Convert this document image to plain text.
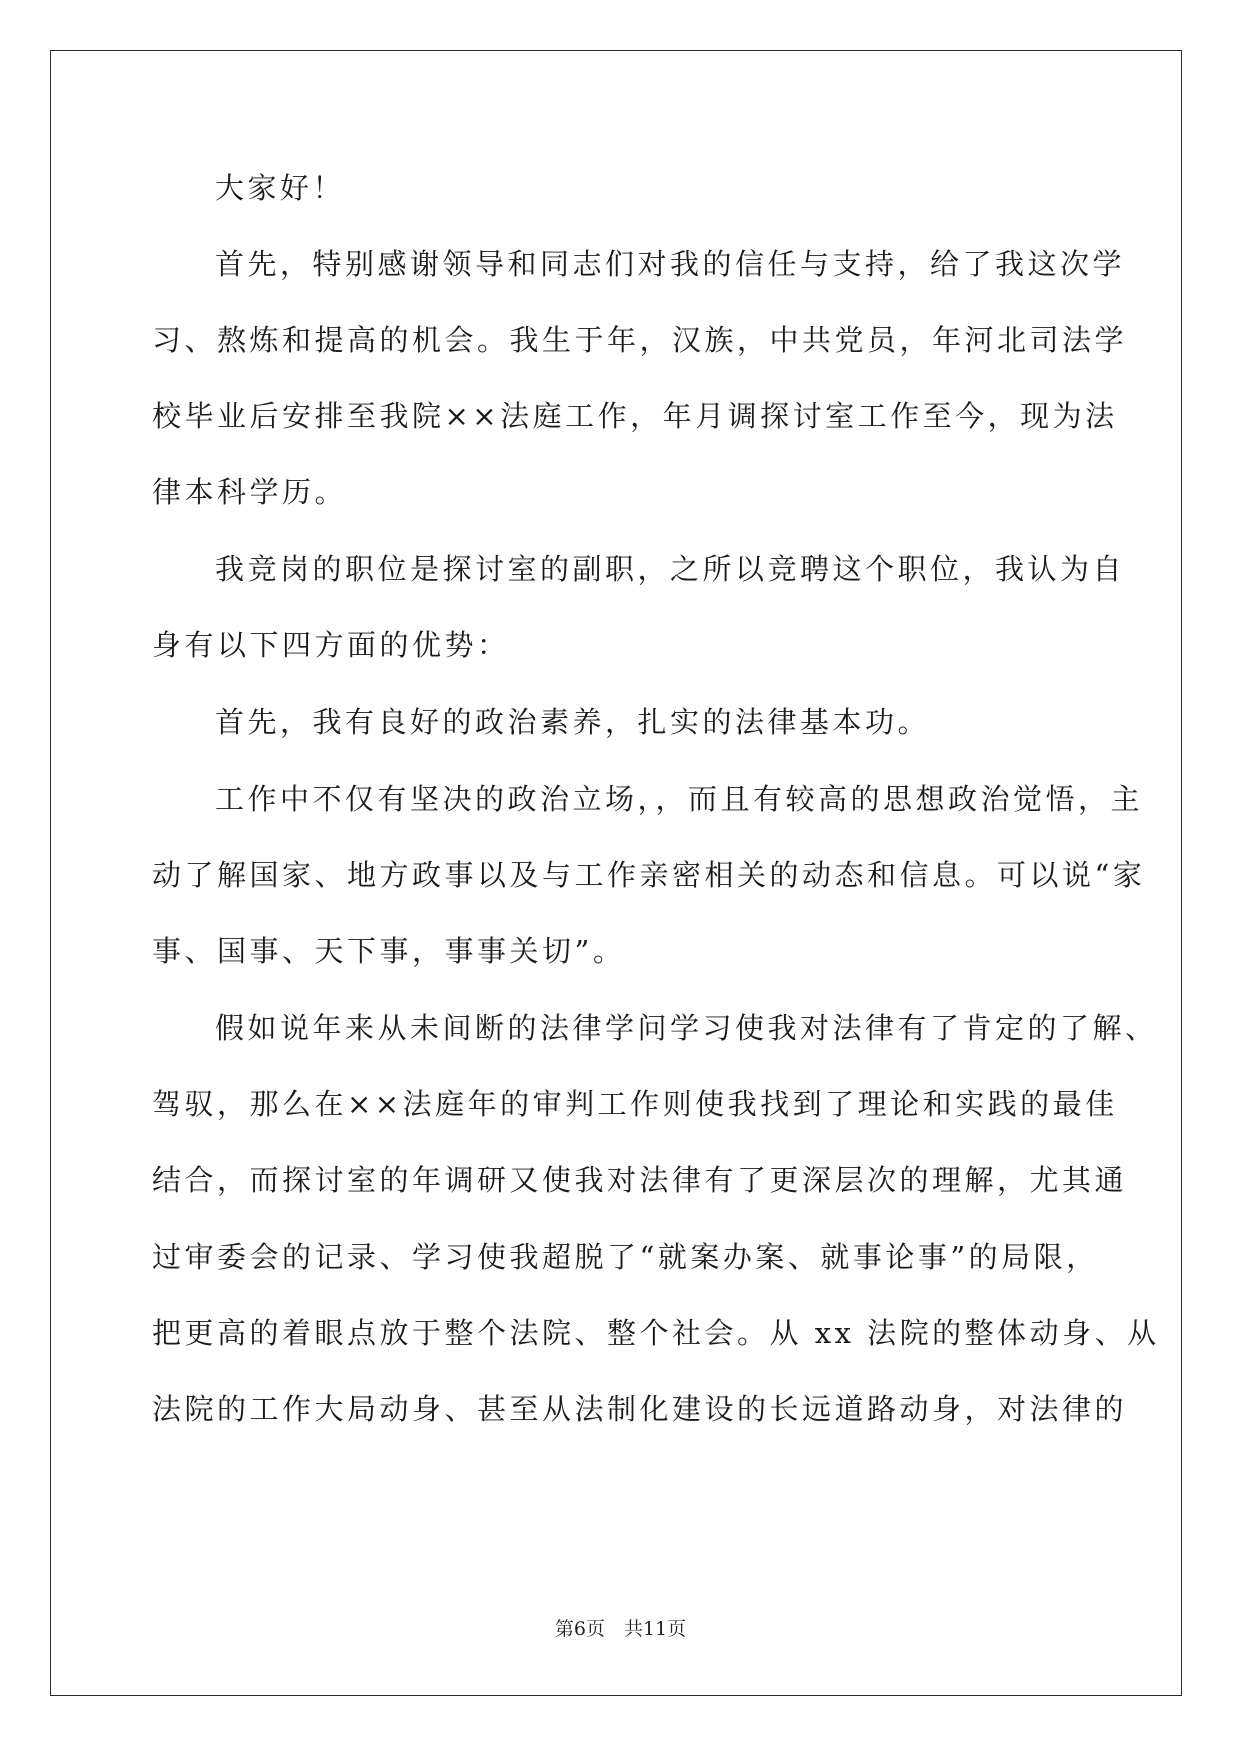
大家好！
首先，特别感谢领导和同志们对我的信任与支持，给了我这次学
习、熬炼和提高的机会。我生于年，汉族，中共党员，年河北司法学
校毕业后安排至我院××法庭工作，年月调探讨室工作至今，现为法
律本科学历。
我竞岗的职位是探讨室的副职，之所以竞聘这个职位，我认为自
身有以下四方面的优势：
首先，我有良好的政治素养，扎实的法律基本功。
工作中不仅有坚决的政治立场，，而且有较高的思想政治觉悟，主
动了解国家、地方政事以及与工作亲密相关的动态和信息。可以说“家
事、国事、天下事，事事关切”。
假如说年来从未间断的法律学问学习使我对法律有了肯定的了解、
驾驭，那么在××法庭年的审判工作则使我找到了理论和实践的最佳
结合，而探讨室的年调研又使我对法律有了更深层次的理解，尤其通
过审委会的记录、学习使我超脱了“就案办案、就事论事”的局限，
把更高的着眼点放于整个法院、整个社会。从 xx 法院的整体动身、从
法院的工作大局动身、甚至从法制化建设的长远道路动身，对法律的
第6页　共11页
